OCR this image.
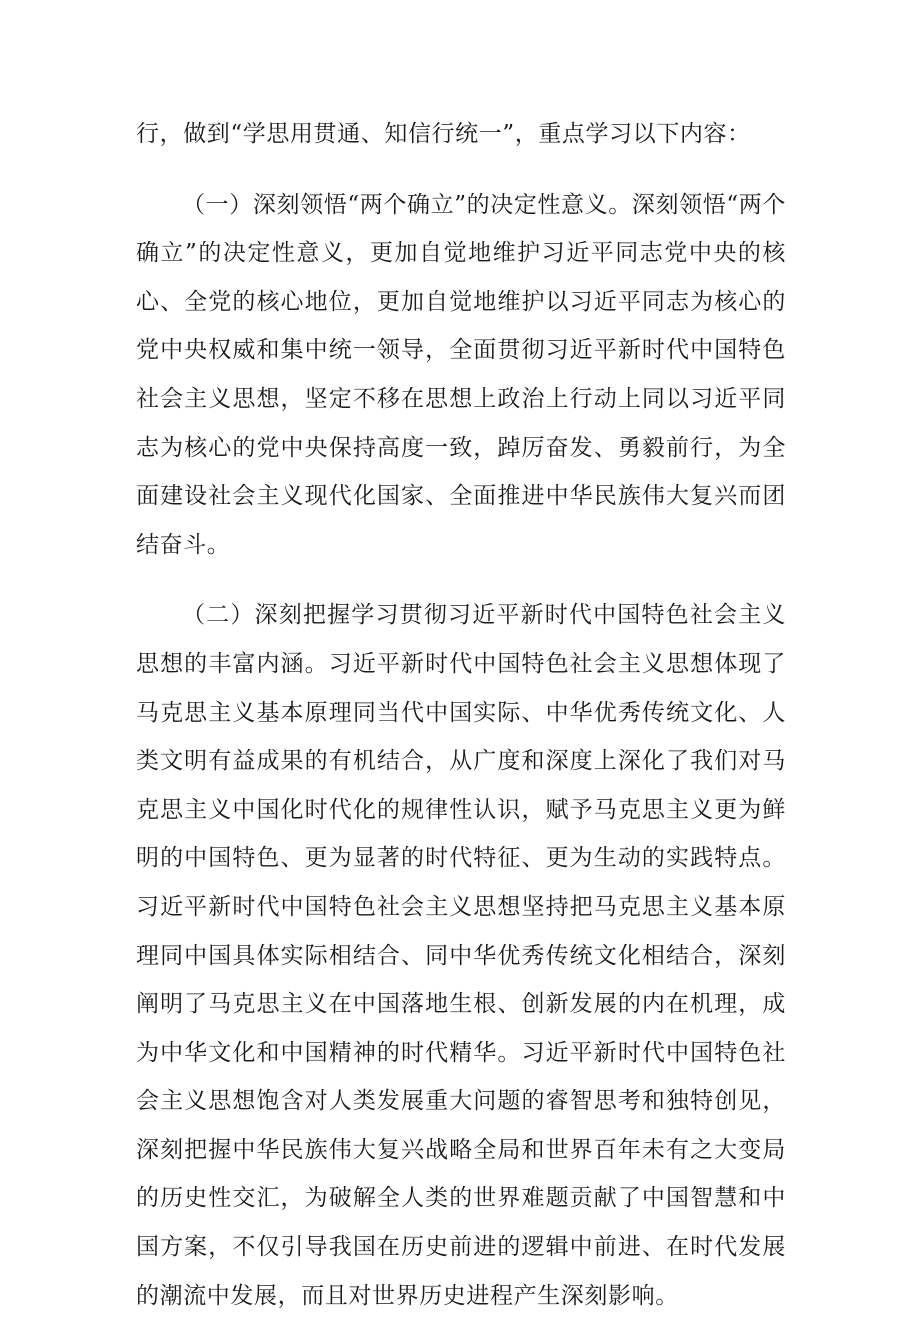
行，做到“学思用贯通、知信行统一”，重点学习以下内容：

（一）深刻领悟“两个确立”的决定性意义。深刻领悟“两个确立”的决定性意义，更加自觉地维护习近平同志党中央的核心、全党的核心地位，更加自觉地维护以习近平同志为核心的党中央权威和集中统一领导，全面贯彻习近平新时代中国特色社会主义思想，坚定不移在思想上政治上行动上同以习近平同志为核心的党中央保持高度一致，踔厉奋发、勇毅前行，为全面建设社会主义现代化国家、全面推进中华民族伟大复兴而团结奋斗。

（二）深刻把握学习贯彻习近平新时代中国特色社会主义思想的丰富内涵。习近平新时代中国特色社会主义思想体现了马克思主义基本原理同当代中国实际、中华优秀传统文化、人类文明有益成果的有机结合，从广度和深度上深化了我们对马克思主义中国化时代化的规律性认识，赋予马克思主义更为鲜明的中国特色、更为显著的时代特征、更为生动的实践特点。习近平新时代中国特色社会主义思想坚持把马克思主义基本原理同中国具体实际相结合、同中华优秀传统文化相结合，深刻阐明了马克思主义在中国落地生根、创新发展的内在机理，成为中华文化和中国精神的时代精华。习近平新时代中国特色社会主义思想饱含对人类发展重大问题的睿智思考和独特创见，深刻把握中华民族伟大复兴战略全局和世界百年未有之大变局的历史性交汇，为破解全人类的世界难题贡献了中国智慧和中国方案，不仅引导我国在历史前进的逻辑中前进、在时代发展的潮流中发展，而且对世界历史进程产生深刻影响。
